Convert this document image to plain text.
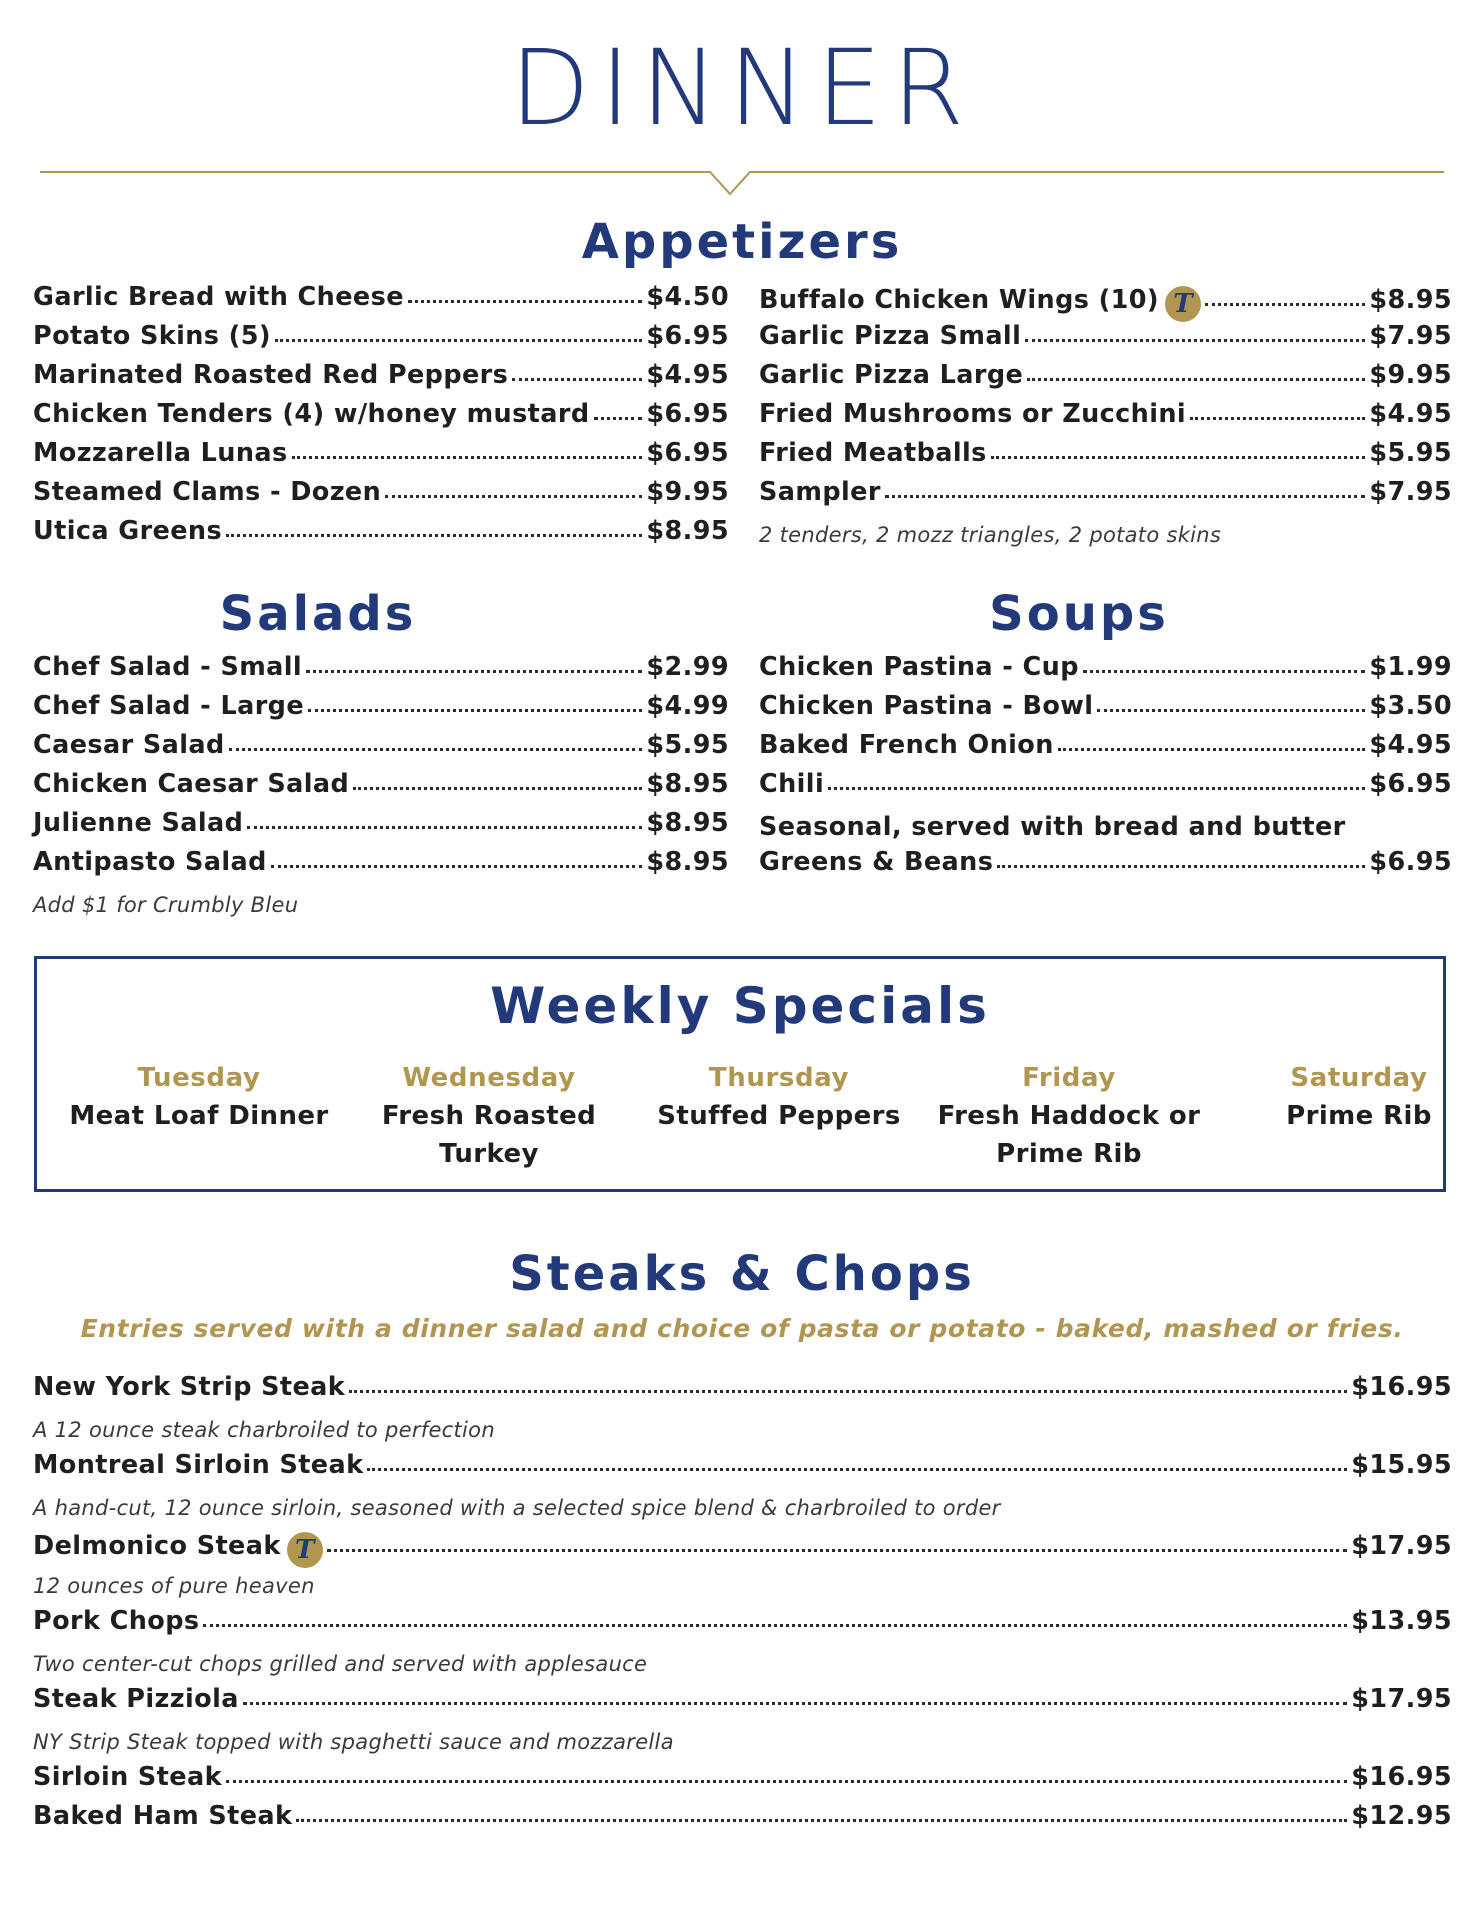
DINNER
Appetizers
Garlic Bread with Cheese	$4.50
Potato Skins (5)	$6.95
Marinated Roasted Red Peppers	$4.95
Chicken Tenders (4) w/honey mustard $6.95
Mozzarella Lunas	$6.95
Steamed Clams - Dozen	$9.95
Utica Greens	$8.95
Buffalo Chicken Wings (10) T	$8.95
Garlic Pizza Small	$7.95
Garlic Pizza Large	$9.95
Fried Mushrooms or Zucchini	$4.95
Fried Meatballs	$5.95
Sampler	$7.95
2 tenders, 2 mozz triangles, 2 potato skins
Salads
Chef Salad - Small	$2.99
Chef Salad - Large	$4.99
Caesar Salad	$5.95
Chicken Caesar Salad	$8.95
Julienne Salad	$8.95
Antipasto Salad	$8.95
Add $1 for Crumbly Bleu
Soups
Chicken Pastina - Cup	$1.99
Chicken Pastina - Bowl	$3.50
Baked French Onion	$4.95
Chili	$6.95
Seasonal, served with bread and butter
Greens & Beans	$6.95
Weekly Specials
Tuesday
Meat Loaf Dinner
Wednesday
Fresh Roasted
Turkey
Thursday
Stuffed Peppers
Friday
Fresh Haddock or
Prime Rib
Saturday
Prime Rib
Steaks & Chops
Entries served with a dinner salad and choice of pasta or potato - baked, mashed or fries.
New York Strip Steak	$16.95
A 12 ounce steak charbroiled to perfection
Montreal Sirloin Steak	$15.95
A hand-cut, 12 ounce sirloin, seasoned with a selected spice blend & charbroiled to order
Delmonico Steak T	$17.95
12 ounces of pure heaven
Pork Chops	$13.95
Two center-cut chops grilled and served with applesauce
Steak Pizziola	$17.95
NY Strip Steak topped with spaghetti sauce and mozzarella
Sirloin Steak	$16.95
Baked Ham Steak	$12.95
